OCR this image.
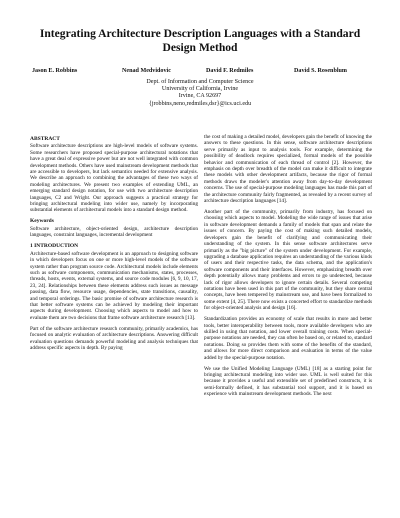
Integrating Architecture Description Languages with a Standard Design Method
Jason E. Robbins	Nenad Medvidovic	David F. Redmiles	David S. Rosenblum
Dept. of Information and Computer Science
University of California, Irvine
Irvine, CA 92697
{jrobbins,neno,redmiles,dsr}@ics.uci.edu
ABSTRACT

Software architecture descriptions are high-level models of software systems. Some researchers have proposed special-purpose architectural notations that have a great deal of expressive power but are not well integrated with common development methods. Others have used mainstream development methods that are accessible to developers, but lack semantics needed for extensive analysis. We describe an approach to combining the advantages of these two ways of modeling architectures. We present two examples of extending UML, an emerging standard design notation, for use with two architecture description languages, C2 and Wright. Our approach suggests a practical strategy for bringing architectural modeling into wider use, namely by incorporating substantial elements of architectural models into a standard design method.

Keywords

Software architecture, object-oriented design, architecture description languages, constraint languages, incremental development

1 INTRODUCTION

Architecture-based software development is an approach to designing software in which developers focus on one or more high-level models of the software system rather than program source code. Architectural models include elements such as software components, communication mechanisms, states, processes, threads, hosts, events, external systems, and source code modules [6, 9, 10, 17, 23, 24]. Relationships between these elements address such issues as message passing, data flow, resource usage, dependencies, state transitions, causality, and temporal orderings. The basic promise of software architecture research is that better software systems can be achieved by modeling their important aspects during development. Choosing which aspects to model and how to evaluate them are two decisions that frame software architecture research [13].

Part of the software architecture research community, primarily academics, has focused on analytic evaluation of architecture descriptions. Answering difficult evaluation questions demands powerful modeling and analysis techniques that address specific aspects in depth. By paying

the cost of making a detailed model, developers gain the benefit of knowing the answers to these questions. In this sense, software architecture descriptions serve primarily as input to analysis tools. For example, determining the possibility of deadlock requires specialized, formal models of the possible behavior and communication of each thread of control [2]. However, the emphasis on depth over breadth of the model can make it difficult to integrate these models with other development artifacts, because the rigor of formal methods draws the modeler's attention away from day-to-day development concerns. The use of special-purpose modeling languages has made this part of the architecture community fairly fragmented, as revealed by a recent survey of architecture description languages [14].

Another part of the community, primarily from industry, has focused on choosing which aspects to model. Modeling the wide range of issues that arise in software development demands a family of models that span and relate the issues of concern. By paying the cost of making such detailed models, developers gain the benefit of clarifying and communicating their understanding of the system. In this sense software architectures serve primarily as the "big picture" of the system under development. For example, upgrading a database application requires an understanding of the various kinds of users and their respective tasks, the data schema, and the application's software components and their interfaces. However, emphasizing breadth over depth potentially allows many problems and errors to go undetected, because lack of rigor allows developers to ignore certain details. Several competing notations have been used in this part of the community, but they share central concepts, have been tempered by mainstream use, and have been formalized to some extent [4, 25]. There now exists a concerted effort to standardize methods for object-oriented analysis and design [16].

Standardization provides an economy of scale that results in more and better tools, better interoperability between tools, more available developers who are skilled in using that notation, and lower overall training costs. When special-purpose notations are needed, they can often be based on, or related to, standard notations. Doing so provides them with some of the benefits of the standard, and allows for more direct comparison and evaluation in terms of the value added by the special-purpose notation.

We use the Unified Modeling Language (UML) [18] as a starting point for bringing architectural modeling into wider use. UML is well suited for this because it provides a useful and extensible set of predefined constructs, it is semi-formally defined, it has substantial tool support, and it is based on experience with mainstream development methods. The next
